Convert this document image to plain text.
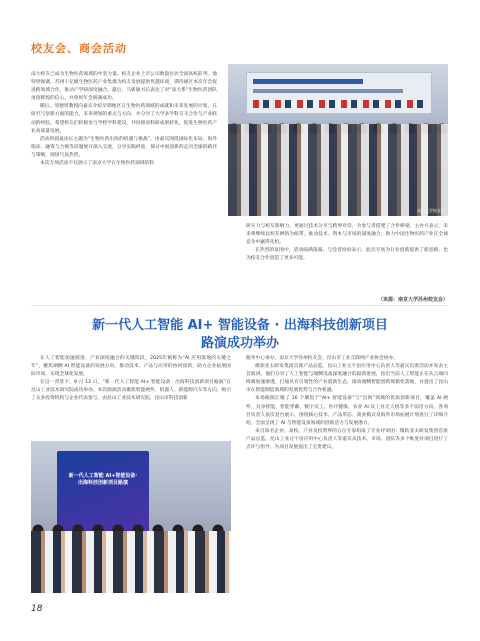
校友会、商会活动

南大校友已成为生物医药领域的中坚力量。校友企业上市公司数量位居全国高校前列。他特别强调，苏州干亿级生物医药产业集群为校友发展提供优越环境，期待通过本次年会促进跨领域合作，推动产学研深度融合。最后，马新敏书长表达了对“南大系”生物医药团队再创辉煌的信心，并预祝年会圆满成功。

随后，邻德贤教授向嘉宾介绍早期地区在生物医药领域的成就和未来发展的计划，在研究与创新方面的能力，未来规划的重点与方向，并分享了大学多学科交叉合作与产业联动的经验。希望校友们积极参与学校学科建设，共同推动科研成果转化，促进生物医药产业高质量发展。

活动的圆桌论坛主题为“生物医药出海的机遇与挑战”，由嘉宾围绕国际化布局、海外临床、融资与合规等话题展开深入交流，分享实践经验，探讨中国创新药走向全球的路径与策略，现场气氛热烈。

本次专场活动不仅展示了南京大学在生物医药领域的科

南京大学校友会

研实力与校友影响力，更通过技术分享与跨界对话，为参与者搭建了合作桥梁。主办方表示，未来将继续以校友网络为纽带，推动技术、资本与市场的深度融合，助力中国生物医药产业在全球竞争中赢得先机。

在热烈的氛围中，活动圆满落幕。与会者纷纷表示，此次专场为行业创新提供了新思路，也为校友合作创造了更多可能。

（来源：南京大学苏州校友会）
新一代人工智能 AI+ 智能设备 · 出海科技创新项目
路演成功举办

在人工智能加速演进、产业深度融合的关键阶段，2025年被称为“AI 应用落地的关键之年”，聚焦端侧 AI 智能设备的发展方向，推动技术、产品与应用的协同创新，助力企业拓展国际市场，实现全球化发展。

在这一背景下，9 月 12 日，“新一代人工智能 AI+ 智能设备 · 出海科技创新项目路演”在昆山工业技术研究院成功举办。本次路演活动聚焦智能硬件、机器人、新能源汽车等方向，吸引了众多投资机构与企业代表参与，由昆山工业技术研究院、昆山市科技创新

新一代人工智能 AI+智能设备·出海科技创新项目路演

服务中心承办，南京大学苏州校友会、昆山市工业互联网产业协会协办。

微软亚太研发集团首席产品总监、昆山工业元宇宙应用中心负责人等嘉宾出席活动并发表主旨演讲。他们分享了人工智能与端侧设备深度融合的最新进展，指出当前人工智能正在从云端向终端加速渗透，打通具有引领性的产业创新生态，推动端侧智能创新规模化落地，并提出了昆山市在智能制造领域的发展优势与合作机遇。

本场路演汇聚了 16 个聚焦于“AI+ 智能设备”与“出海”领域的优质创新项目，覆盖 AI 硬件、具身智能、智能穿戴、数字员工、医疗健康、农业 AI 及工业无人机等多个前沿方向。各项目负责人依次登台展示，围绕核心技术、产品形态、商业模式及海外市场拓展计划进行了详细介绍，全面呈现了 AI 与智能设备领域的创新活力与发展潜力。

来自知名企业、高校、产业及投资界的五位专家组成了专业评审团：微软亚太研发集团首席产品总监、昆山工业元宇宙应用中心负责人等嘉宾从技术、市场、团队等多个维度对项目进行了点评与指导，为项目发展提出了宝贵建议。

18
